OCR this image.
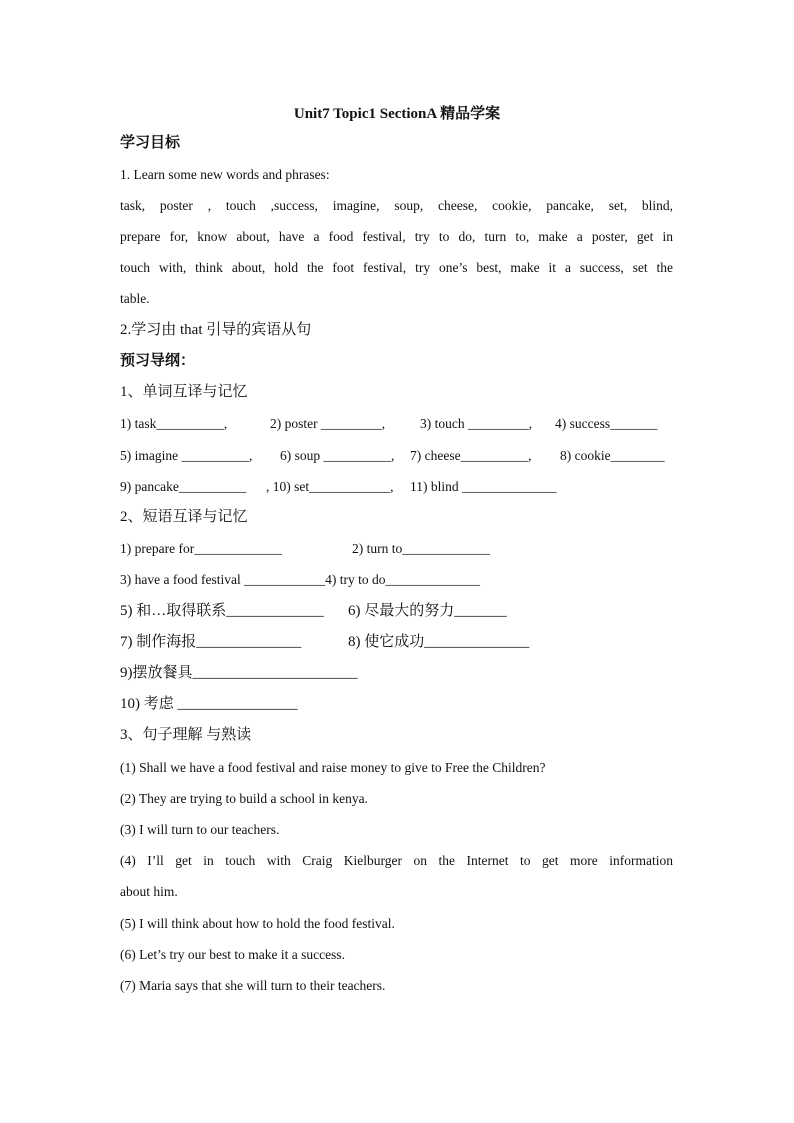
Unit7 Topic1 SectionA 精品学案
学习目标
1. Learn some new words and phrases:
task, poster , touch ,success, imagine, soup, cheese, cookie, pancake, set, blind,
prepare for, know about, have a food festival, try to do, turn to, make a poster, get in
touch with, think about, hold the foot festival, try one’s best, make it a success, set the
table.
2.学习由 that 引导的宾语从句
预习导纲：
1、单词互译与记忆
1) task__________,	2) poster _________,	3) touch _________, 4) success_______
5) imagine __________, 6) soup __________, 7) cheese__________, 8) cookie________
9) pancake__________ , 10) set____________, 11) blind ______________
2、短语互译与记忆
1) prepare for_____________	2) turn to_____________
3) have a food festival ____________4) try to do______________
5) 和…取得联系_____________ 6) 尽最大的努力_______
7) 制作海报______________	8) 使它成功______________
9)摆放餐具______________________
10) 考虑 ________________
3、句子理解 与熟读
(1) Shall we have a food festival and raise money to give to Free the Children?
(2) They are trying to build a school in kenya.
(3) I will turn to our teachers.
(4) I’ll get in touch with Craig Kielburger on the Internet to get more information
about him.
(5) I will think about how to hold the food festival.
(6) Let’s try our best to make it a success.
(7) Maria says that she will turn to their teachers.
